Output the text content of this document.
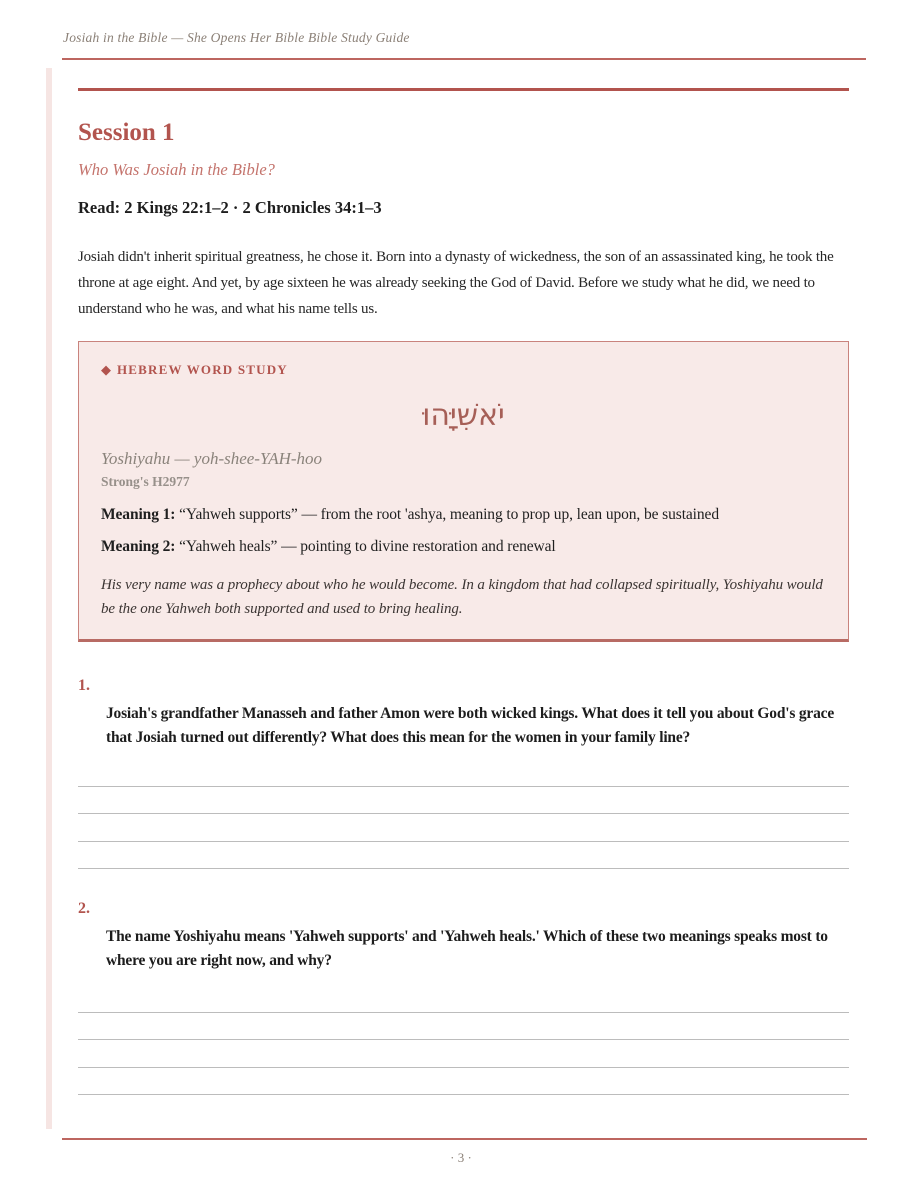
Josiah in the Bible — She Opens Her Bible Bible Study Guide
Session 1
Who Was Josiah in the Bible?
Read: 2 Kings 22:1–2 · 2 Chronicles 34:1–3

Josiah didn't inherit spiritual greatness, he chose it. Born into a dynasty of wickedness, the son of an assassinated king, he took the throne at age eight. And yet, by age sixteen he was already seeking the God of David. Before we study what he did, we need to understand who he was, and what his name tells us.

◆ HEBREW WORD STUDY
יֹאשִׁיָּהוּ
Yoshiyahu — yoh-shee-YAH-hoo
Strong's H2977
Meaning 1: “Yahweh supports” — from the root 'ashya, meaning to prop up, lean upon, be sustained
Meaning 2: “Yahweh heals” — pointing to divine restoration and renewal
His very name was a prophecy about who he would become. In a kingdom that had collapsed spiritually, Yoshiyahu would be the one Yahweh both supported and used to bring healing.
1.
Josiah's grandfather Manasseh and father Amon were both wicked kings. What does it tell you about God's grace that Josiah turned out differently? What does this mean for the women in your family line?
2.
The name Yoshiyahu means 'Yahweh supports' and 'Yahweh heals.' Which of these two meanings speaks most to where you are right now, and why?
· 3 ·
